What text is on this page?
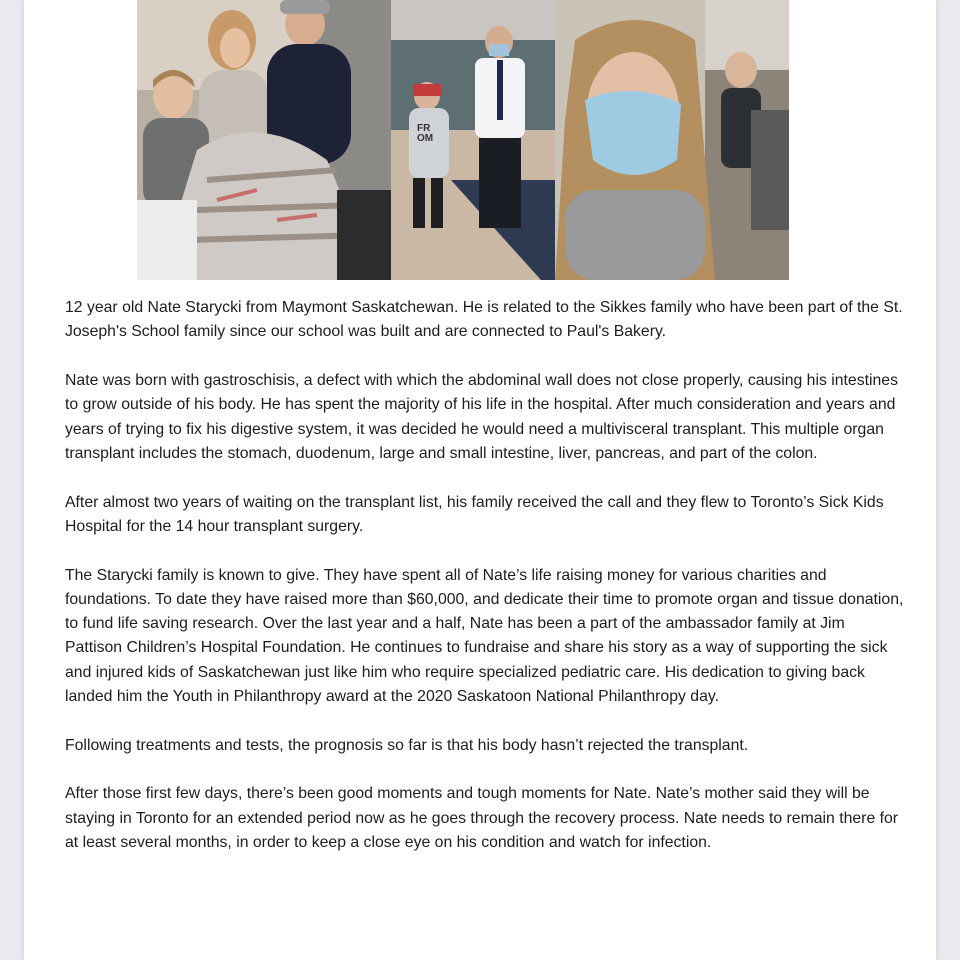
FR
OM

12 year old Nate Starycki from Maymont Saskatchewan. He is related to the Sikkes family who have been part of the St. Joseph's School family since our school was built and are connected to Paul's Bakery.

Nate was born with gastroschisis, a defect with which the abdominal wall does not close properly, causing his intestines to grow outside of his body. He has spent the majority of his life in the hospital. After much consideration and years and years of trying to fix his digestive system, it was decided he would need a multivisceral transplant. This multiple organ transplant includes the stomach, duodenum, large and small intestine, liver, pancreas, and part of the colon.

After almost two years of waiting on the transplant list, his family received the call and they flew to Toronto’s Sick Kids Hospital for the 14 hour transplant surgery.

The Starycki family is known to give. They have spent all of Nate’s life raising money for various charities and foundations. To date they have raised more than $60,000, and dedicate their time to promote organ and tissue donation, to fund life saving research. Over the last year and a half, Nate has been a part of the ambassador family at Jim Pattison Children’s Hospital Foundation. He continues to fundraise and share his story as a way of supporting the sick and injured kids of Saskatchewan just like him who require specialized pediatric care. His dedication to giving back landed him the Youth in Philanthropy award at the 2020 Saskatoon National Philanthropy day.

Following treatments and tests, the prognosis so far is that his body hasn’t rejected the transplant.

After those first few days, there’s been good moments and tough moments for Nate. Nate’s mother said they will be staying in Toronto for an extended period now as he goes through the recovery process. Nate needs to remain there for at least several months, in order to keep a close eye on his condition and watch for infection.
